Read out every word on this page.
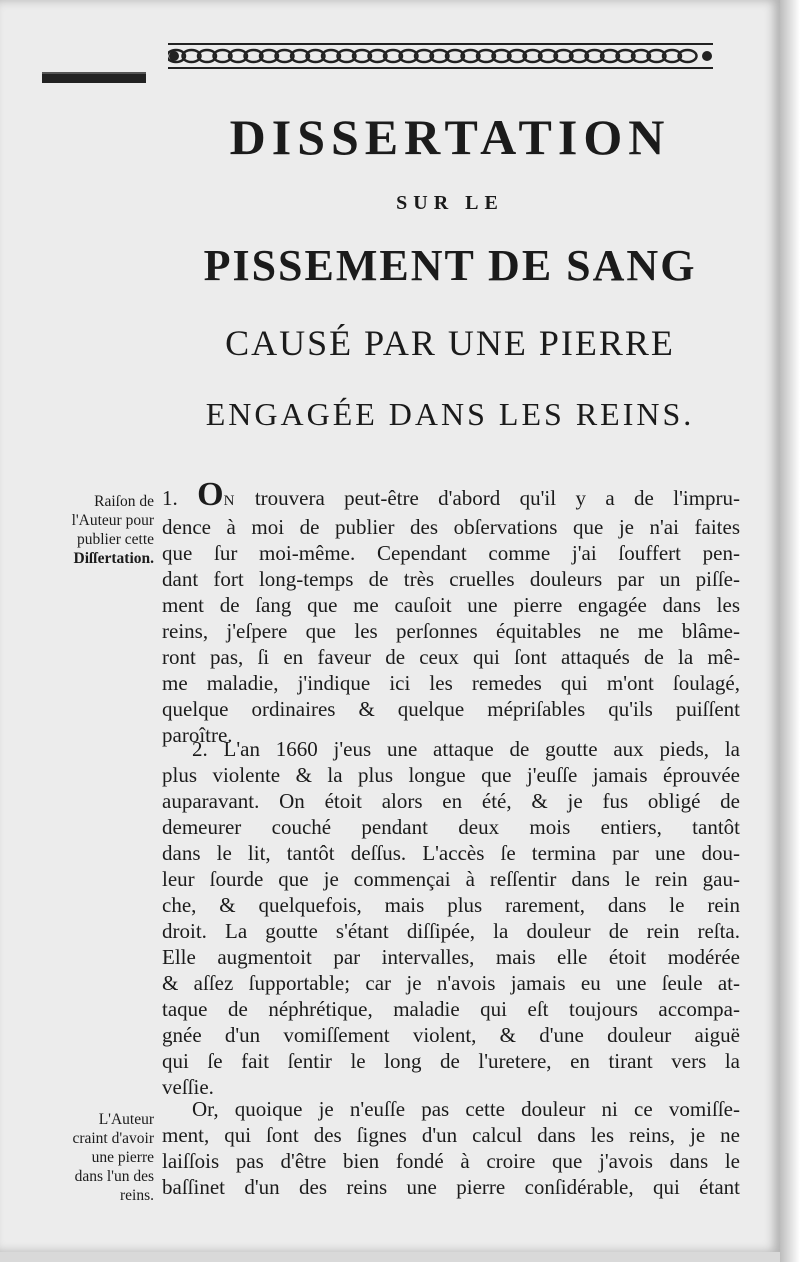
DISSERTATION
SUR LE
PISSEMENT DE SANG
CAUSÉ PAR UNE PIERRE
ENGAGÉE DANS LES REINS.
Raiſon de
l'Auteur pour
publier cette
Diſſertation.
L'Auteur
craint d'avoir
une pierre
dans l'un des
reins.
1. ON trouvera peut-être d'abord qu'il y a de l'impru-
dence à moi de publier des obſervations que je n'ai faites
que ſur moi-même. Cependant comme j'ai ſouffert pen-
dant fort long-temps de très cruelles douleurs par un piſſe-
ment de ſang que me cauſoit une pierre engagée dans les
reins, j'eſpere que les perſonnes équitables ne me blâme-
ront pas, ſi en faveur de ceux qui ſont attaqués de la mê-
me maladie, j'indique ici les remedes qui m'ont ſoulagé,
quelque ordinaires & quelque mépriſables qu'ils puiſſent
paroître.
2. L'an 1660 j'eus une attaque de goutte aux pieds, la
plus violente & la plus longue que j'euſſe jamais éprouvée
auparavant. On étoit alors en été, & je fus obligé de
demeurer couché pendant deux mois entiers, tantôt
dans le lit, tantôt deſſus. L'accès ſe termina par une dou-
leur ſourde que je commençai à reſſentir dans le rein gau-
che, & quelquefois, mais plus rarement, dans le rein
droit. La goutte s'étant diſſipée, la douleur de rein reſta.
Elle augmentoit par intervalles, mais elle étoit modérée
& aſſez ſupportable; car je n'avois jamais eu une ſeule at-
taque de néphrétique, maladie qui eſt toujours accompa-
gnée d'un vomiſſement violent, & d'une douleur aiguë
qui ſe fait ſentir le long de l'uretere, en tirant vers la
veſſie.
Or, quoique je n'euſſe pas cette douleur ni ce vomiſſe-
ment, qui ſont des ſignes d'un calcul dans les reins, je ne
laiſſois pas d'être bien fondé à croire que j'avois dans le
baſſinet d'un des reins une pierre conſidérable, qui étant
